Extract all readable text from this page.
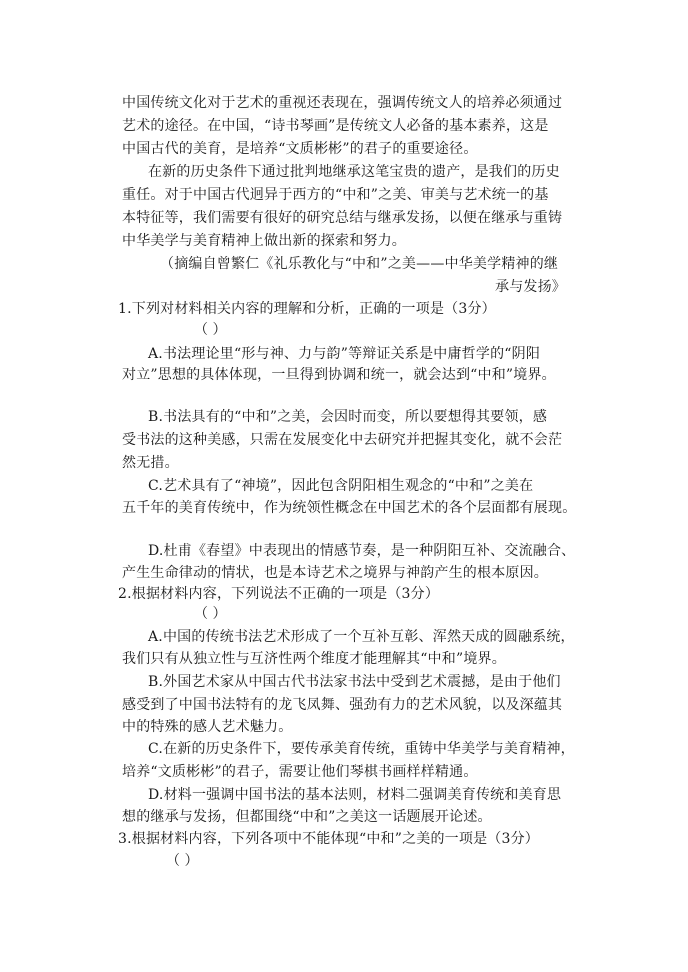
中国传统文化对于艺术的重视还表现在，强调传统文人的培养必须通过
艺术的途径。在中国，“诗书琴画”是传统文人必备的基本素养，这是
中国古代的美育，是培养“文质彬彬”的君子的重要途径。
在新的历史条件下通过批判地继承这笔宝贵的遗产，是我们的历史
重任。对于中国古代迥异于西方的“中和”之美、审美与艺术统一的基
本特征等，我们需要有很好的研究总结与继承发扬，以便在继承与重铸
中华美学与美育精神上做出新的探索和努力。
（摘编自曾繁仁《礼乐教化与“中和”之美——中华美学精神的继
承与发扬》
1.下列对材料相关内容的理解和分析，正确的一项是（3分）
（ ）
A.书法理论里“形与神、力与韵”等辩证关系是中庸哲学的“阴阳
对立”思想的具体体现，一旦得到协调和统一，就会达到“中和”境界。
B.书法具有的“中和”之美，会因时而变，所以要想得其要领，感
受书法的这种美感，只需在发展变化中去研究并把握其变化，就不会茫
然无措。
C.艺术具有了“神境”，因此包含阴阳相生观念的“中和”之美在
五千年的美育传统中，作为统领性概念在中国艺术的各个层面都有展现。
D.杜甫《春望》中表现出的情感节奏，是一种阴阳互补、交流融合、
产生生命律动的情状，也是本诗艺术之境界与神韵产生的根本原因。
2.根据材料内容，下列说法不正确的一项是（3分）
（ ）
A.中国的传统书法艺术形成了一个互补互彰、浑然天成的圆融系统，
我们只有从独立性与互济性两个维度才能理解其“中和”境界。
B.外国艺术家从中国古代书法家书法中受到艺术震撼，是由于他们
感受到了中国书法特有的龙飞凤舞、强劲有力的艺术风貌，以及深蕴其
中的特殊的感人艺术魅力。
C.在新的历史条件下，要传承美育传统，重铸中华美学与美育精神，
培养“文质彬彬”的君子，需要让他们琴棋书画样样精通。
D.材料一强调中国书法的基本法则，材料二强调美育传统和美育思
想的继承与发扬，但都围绕“中和”之美这一话题展开论述。
3.根据材料内容，下列各项中不能体现“中和”之美的一项是（3分）
（ ）
